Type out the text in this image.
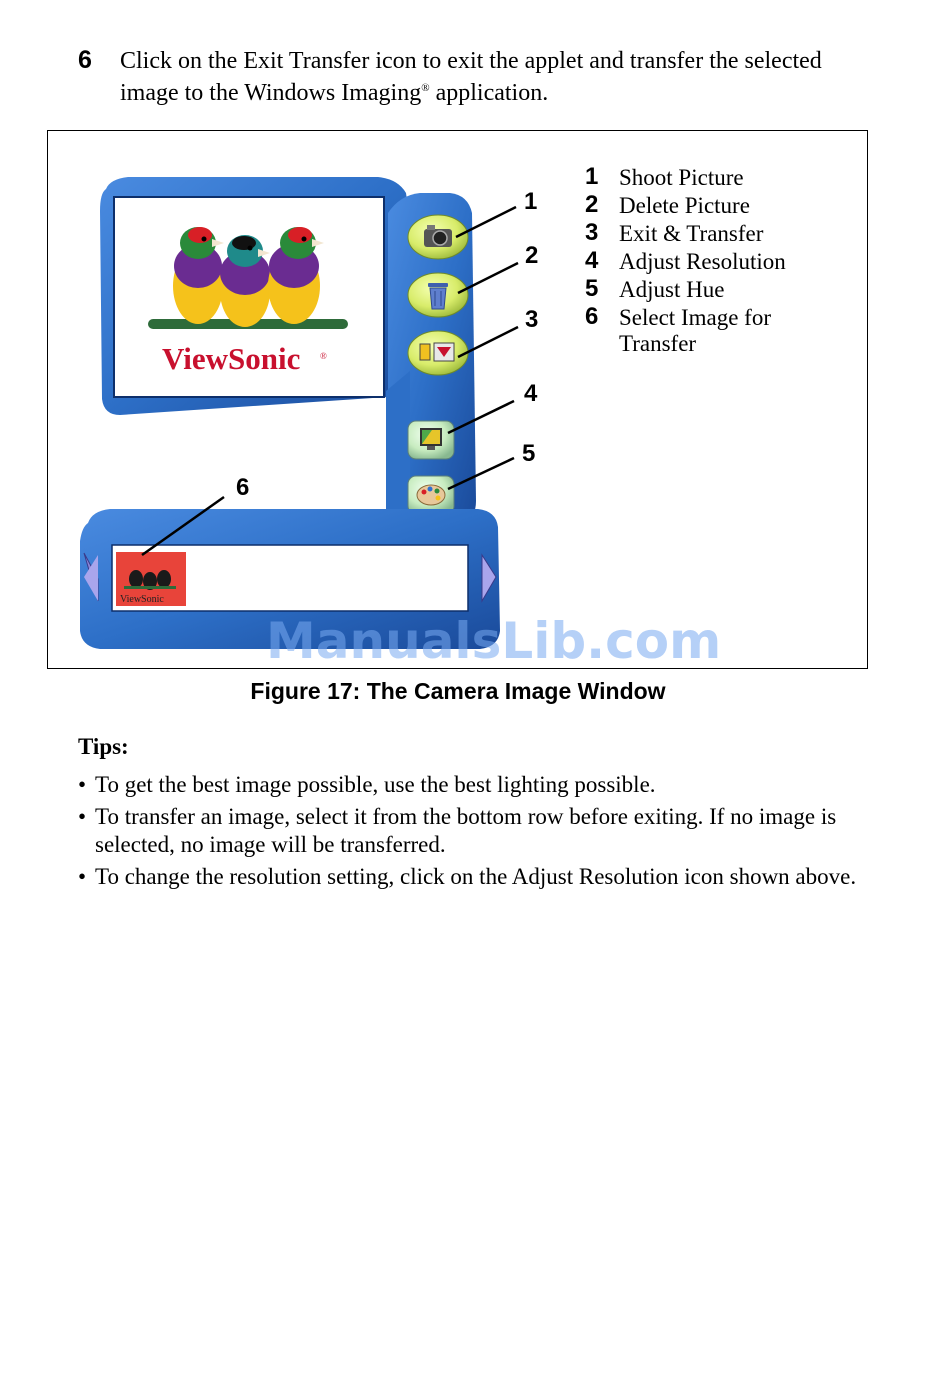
6 Click on the Exit Transfer icon to exit the applet and transfer the selected image to the Windows Imaging® application.
ViewSonic ®
ViewSonic
1
2
3
4
5
6
1 Shoot Picture
2 Delete Picture
3 Exit & Transfer
4 Adjust Resolution
5 Adjust Hue
6 Select Image for Transfer
ManualsLib.com
Figure 17: The Camera Image Window
Tips:
• To get the best image possible, use the best lighting possible.
• To transfer an image, select it from the bottom row before exiting. If no image is selected, no image will be transferred.
• To change the resolution setting, click on the Adjust Resolution icon shown above.
